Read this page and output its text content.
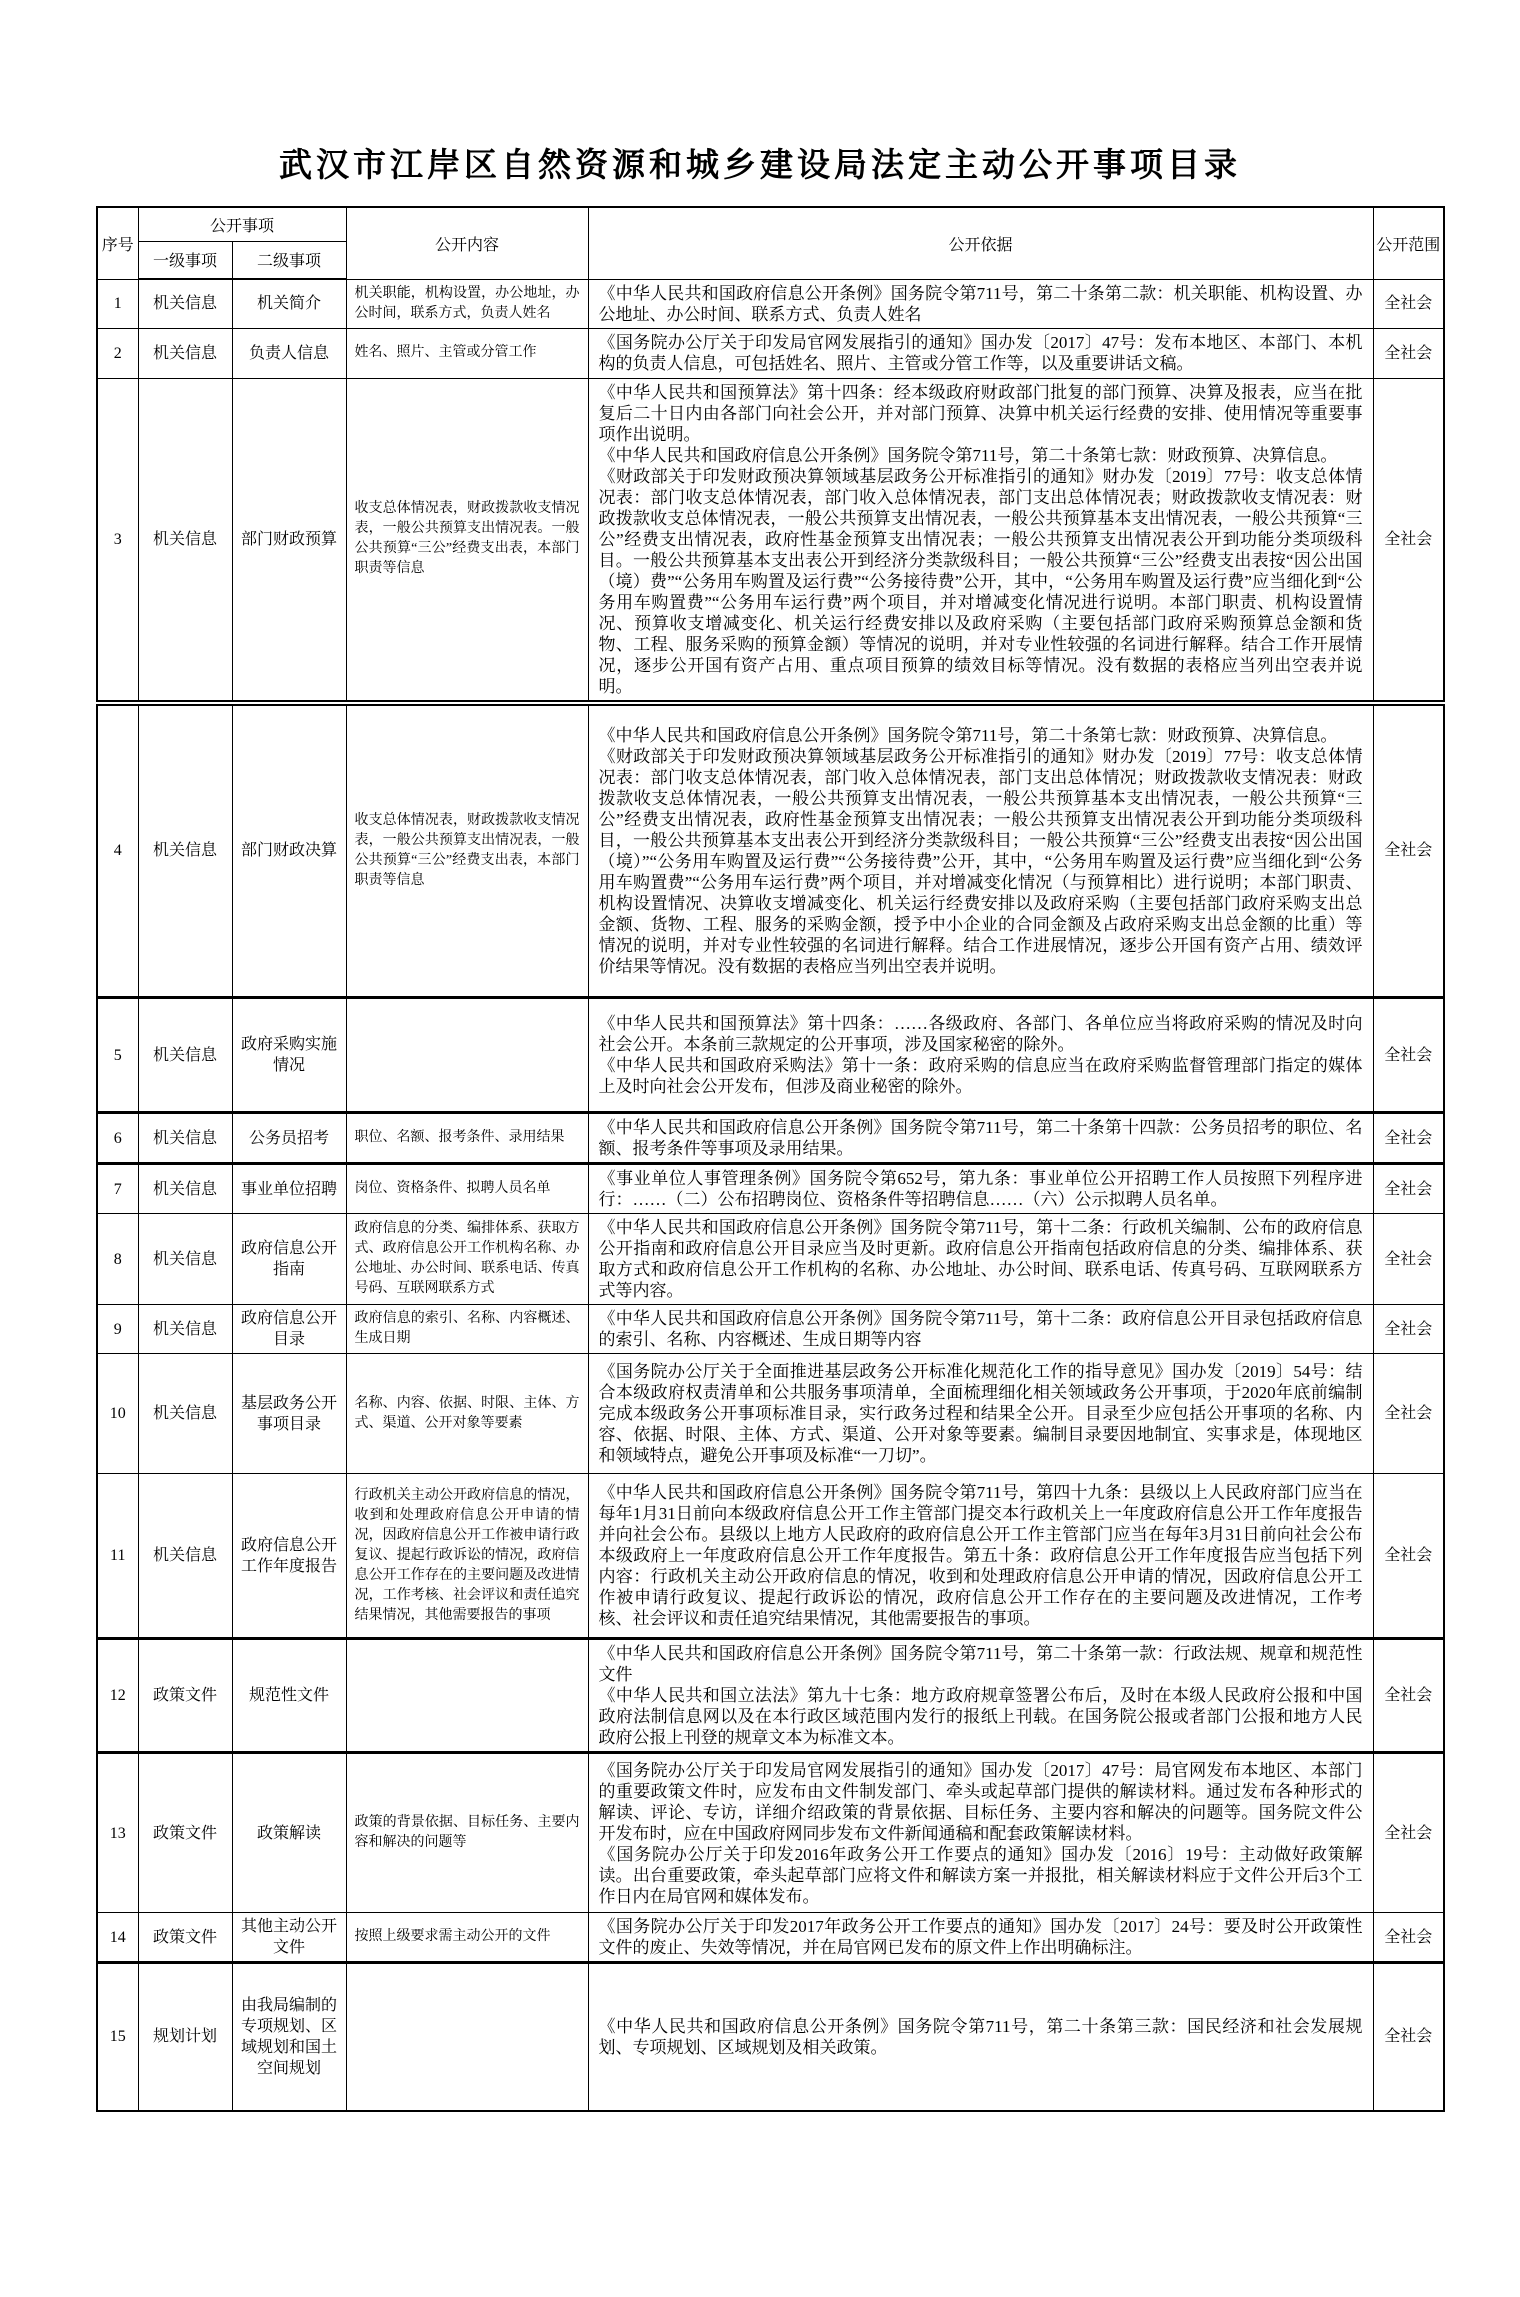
武汉市江岸区自然资源和城乡建设局法定主动公开事项目录
序号	公开事项		公开内容	公开依据	公开范围
	一级事项	二级事项			
1	机关信息	机关简介	机关职能，机构设置，办公地址，办公时间，联系方式，负责人姓名	《中华人民共和国政府信息公开条例》国务院令第711号，第二十条第二款：机关职能、机构设置、办公地址、办公时间、联系方式、负责人姓名	全社会
2	机关信息	负责人信息	姓名、照片、主管或分管工作	《国务院办公厅关于印发局官网发展指引的通知》国办发〔2017〕47号：发布本地区、本部门、本机构的负责人信息，可包括姓名、照片、主管或分管工作等，以及重要讲话文稿。	全社会
3	机关信息	部门财政预算	收支总体情况表，财政拨款收支情况表，一般公共预算支出情况表。一般公共预算“三公”经费支出表，本部门职责等信息	《中华人民共和国预算法》第十四条：经本级政府财政部门批复的部门预算、决算及报表，应当在批复后二十日内由各部门向社会公开，并对部门预算、决算中机关运行经费的安排、使用情况等重要事项作出说明。
《中华人民共和国政府信息公开条例》国务院令第711号，第二十条第七款：财政预算、决算信息。
《财政部关于印发财政预决算领域基层政务公开标准指引的通知》财办发〔2019〕77号：收支总体情况表：部门收支总体情况表，部门收入总体情况表，部门支出总体情况表；财政拨款收支情况表：财政拨款收支总体情况表，一般公共预算支出情况表，一般公共预算基本支出情况表，一般公共预算“三公”经费支出情况表，政府性基金预算支出情况表；一般公共预算支出情况表公开到功能分类项级科目。一般公共预算基本支出表公开到经济分类款级科目；一般公共预算“三公”经费支出表按“因公出国（境）费”“公务用车购置及运行费”“公务接待费”公开，其中，“公务用车购置及运行费”应当细化到“公务用车购置费”“公务用车运行费”两个项目，并对增减变化情况进行说明。本部门职责、机构设置情况、预算收支增减变化、机关运行经费安排以及政府采购（主要包括部门政府采购预算总金额和货物、工程、服务采购的预算金额）等情况的说明，并对专业性较强的名词进行解释。结合工作开展情况，逐步公开国有资产占用、重点项目预算的绩效目标等情况。没有数据的表格应当列出空表并说明。	全社会
4	机关信息	部门财政决算	收支总体情况表，财政拨款收支情况表，一般公共预算支出情况表，一般公共预算“三公”经费支出表，本部门职责等信息	《中华人民共和国政府信息公开条例》国务院令第711号，第二十条第七款：财政预算、决算信息。
《财政部关于印发财政预决算领域基层政务公开标准指引的通知》财办发〔2019〕77号：收支总体情况表：部门收支总体情况表，部门收入总体情况表，部门支出总体情况；财政拨款收支情况表：财政拨款收支总体情况表，一般公共预算支出情况表，一般公共预算基本支出情况表，一般公共预算“三公”经费支出情况表，政府性基金预算支出情况表；一般公共预算支出情况表公开到功能分类项级科目，一般公共预算基本支出表公开到经济分类款级科目；一般公共预算“三公”经费支出表按“因公出国（境）”“公务用车购置及运行费”“公务接待费”公开，其中，“公务用车购置及运行费”应当细化到“公务用车购置费”“公务用车运行费”两个项目，并对增减变化情况（与预算相比）进行说明；本部门职责、机构设置情况、决算收支增减变化、机关运行经费安排以及政府采购（主要包括部门政府采购支出总金额、货物、工程、服务的采购金额，授予中小企业的合同金额及占政府采购支出总金额的比重）等情况的说明，并对专业性较强的名词进行解释。结合工作进展情况，逐步公开国有资产占用、绩效评价结果等情况。没有数据的表格应当列出空表并说明。	全社会
5	机关信息	政府采购实施情况		《中华人民共和国预算法》第十四条：……各级政府、各部门、各单位应当将政府采购的情况及时向社会公开。本条前三款规定的公开事项，涉及国家秘密的除外。
《中华人民共和国政府采购法》第十一条：政府采购的信息应当在政府采购监督管理部门指定的媒体上及时向社会公开发布，但涉及商业秘密的除外。	全社会
6	机关信息	公务员招考	职位、名额、报考条件、录用结果	《中华人民共和国政府信息公开条例》国务院令第711号，第二十条第十四款：公务员招考的职位、名额、报考条件等事项及录用结果。	全社会
7	机关信息	事业单位招聘	岗位、资格条件、拟聘人员名单	《事业单位人事管理条例》国务院令第652号，第九条：事业单位公开招聘工作人员按照下列程序进行：……（二）公布招聘岗位、资格条件等招聘信息……（六）公示拟聘人员名单。	全社会
8	机关信息	政府信息公开指南	政府信息的分类、编排体系、获取方式、政府信息公开工作机构名称、办公地址、办公时间、联系电话、传真号码、互联网联系方式	《中华人民共和国政府信息公开条例》国务院令第711号，第十二条：行政机关编制、公布的政府信息公开指南和政府信息公开目录应当及时更新。政府信息公开指南包括政府信息的分类、编排体系、获取方式和政府信息公开工作机构的名称、办公地址、办公时间、联系电话、传真号码、互联网联系方式等内容。	全社会
9	机关信息	政府信息公开目录	政府信息的索引、名称、内容概述、生成日期	《中华人民共和国政府信息公开条例》国务院令第711号，第十二条：政府信息公开目录包括政府信息的索引、名称、内容概述、生成日期等内容	全社会
10	机关信息	基层政务公开事项目录	名称、内容、依据、时限、主体、方式、渠道、公开对象等要素	《国务院办公厅关于全面推进基层政务公开标准化规范化工作的指导意见》国办发〔2019〕54号：结合本级政府权责清单和公共服务事项清单，全面梳理细化相关领域政务公开事项，于2020年底前编制完成本级政务公开事项标准目录，实行政务过程和结果全公开。目录至少应包括公开事项的名称、内容、依据、时限、主体、方式、渠道、公开对象等要素。编制目录要因地制宜、实事求是，体现地区和领域特点，避免公开事项及标准“一刀切”。	全社会
11	机关信息	政府信息公开工作年度报告	行政机关主动公开政府信息的情况，收到和处理政府信息公开申请的情况，因政府信息公开工作被申请行政复议、提起行政诉讼的情况，政府信息公开工作存在的主要问题及改进情况，工作考核、社会评议和责任追究结果情况，其他需要报告的事项	《中华人民共和国政府信息公开条例》国务院令第711号，第四十九条：县级以上人民政府部门应当在每年1月31日前向本级政府信息公开工作主管部门提交本行政机关上一年度政府信息公开工作年度报告并向社会公布。县级以上地方人民政府的政府信息公开工作主管部门应当在每年3月31日前向社会公布本级政府上一年度政府信息公开工作年度报告。第五十条：政府信息公开工作年度报告应当包括下列内容：行政机关主动公开政府信息的情况，收到和处理政府信息公开申请的情况，因政府信息公开工作被申请行政复议、提起行政诉讼的情况，政府信息公开工作存在的主要问题及改进情况，工作考核、社会评议和责任追究结果情况，其他需要报告的事项。	全社会
12	政策文件	规范性文件		《中华人民共和国政府信息公开条例》国务院令第711号，第二十条第一款：行政法规、规章和规范性文件
《中华人民共和国立法法》第九十七条：地方政府规章签署公布后，及时在本级人民政府公报和中国政府法制信息网以及在本行政区域范围内发行的报纸上刊载。在国务院公报或者部门公报和地方人民政府公报上刊登的规章文本为标准文本。	全社会
13	政策文件	政策解读	政策的背景依据、目标任务、主要内容和解决的问题等	《国务院办公厅关于印发局官网发展指引的通知》国办发〔2017〕47号：局官网发布本地区、本部门的重要政策文件时，应发布由文件制发部门、牵头或起草部门提供的解读材料。通过发布各种形式的解读、评论、专访，详细介绍政策的背景依据、目标任务、主要内容和解决的问题等。国务院文件公开发布时，应在中国政府网同步发布文件新闻通稿和配套政策解读材料。
《国务院办公厅关于印发2016年政务公开工作要点的通知》国办发〔2016〕19号：主动做好政策解读。出台重要政策，牵头起草部门应将文件和解读方案一并报批，相关解读材料应于文件公开后3个工作日内在局官网和媒体发布。	全社会
14	政策文件	其他主动公开文件	按照上级要求需主动公开的文件	《国务院办公厅关于印发2017年政务公开工作要点的通知》国办发〔2017〕24号：要及时公开政策性文件的废止、失效等情况，并在局官网已发布的原文件上作出明确标注。	全社会
15	规划计划	由我局编制的专项规划、区域规划和国土空间规划		《中华人民共和国政府信息公开条例》国务院令第711号，第二十条第三款：国民经济和社会发展规划、专项规划、区域规划及相关政策。	全社会
